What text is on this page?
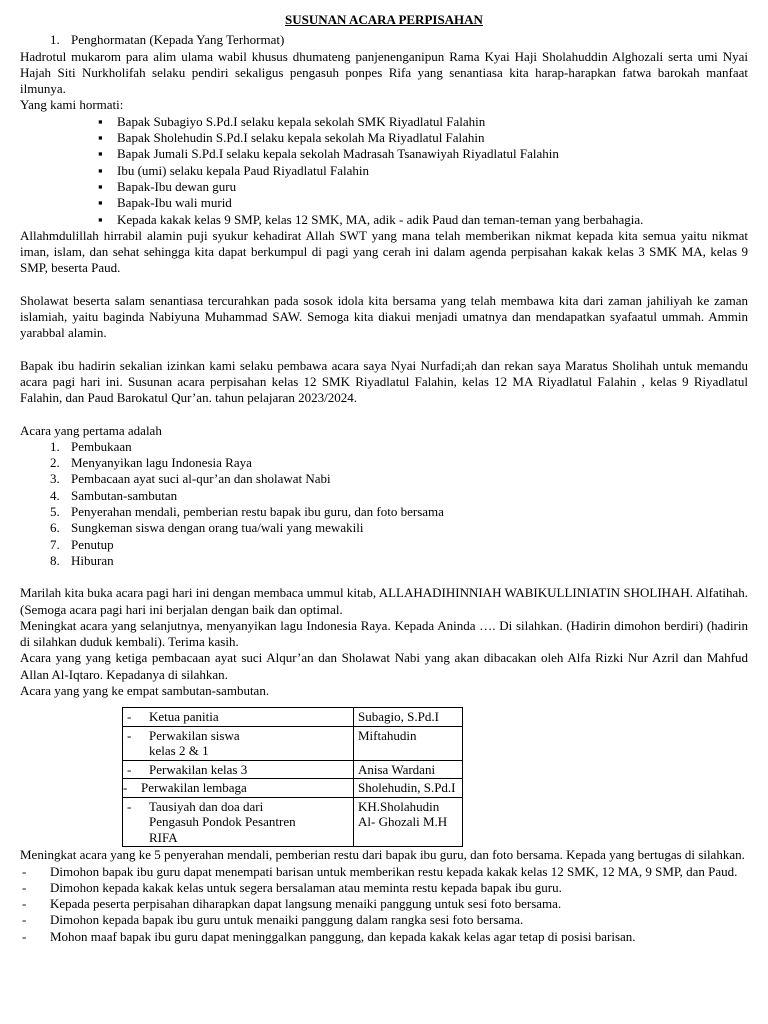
SUSUNAN ACARA PERPISAHAN
1. Penghormatan (Kepada Yang Terhormat)

Hadrotul mukarom para alim ulama wabil khusus dhumateng panjenenganipun Rama Kyai Haji Sholahuddin Alghozali serta umi Nyai Hajah Siti Nurkholifah selaku pendiri sekaligus pengasuh ponpes Rifa yang senantiasa kita harap-harapkan fatwa barokah manfaat ilmunya.

Yang kami hormati:

▪ Bapak Subagiyo S.Pd.I selaku kepala sekolah SMK Riyadlatul Falahin
▪ Bapak Sholehudin S.Pd.I selaku kepala sekolah Ma Riyadlatul Falahin
▪ Bapak Jumali S.Pd.I selaku kepala sekolah Madrasah Tsanawiyah Riyadlatul Falahin
▪ Ibu (umi) selaku kepala Paud Riyadlatul Falahin
▪ Bapak-Ibu dewan guru
▪ Bapak-Ibu wali murid
▪ Kepada kakak kelas 9 SMP, kelas 12 SMK, MA, adik - adik Paud dan teman-teman yang berbahagia.

Allahmdulillah hirrabil alamin puji syukur kehadirat Allah SWT yang mana telah memberikan nikmat kepada kita semua yaitu nikmat iman, islam, dan sehat sehingga kita dapat berkumpul di pagi yang cerah ini dalam agenda perpisahan kakak kelas 3 SMK MA, kelas 9 SMP, beserta Paud.

Sholawat beserta salam senantiasa tercurahkan pada sosok idola kita bersama yang telah membawa kita dari zaman jahiliyah ke zaman islamiah, yaitu baginda Nabiyuna Muhammad SAW. Semoga kita diakui menjadi umatnya dan mendapatkan syafaatul ummah. Ammin yarabbal alamin.

Bapak ibu hadirin sekalian izinkan kami selaku pembawa acara saya Nyai Nurfadi;ah dan rekan saya Maratus Sholihah untuk memandu acara pagi hari ini. Susunan acara perpisahan kelas 12 SMK Riyadlatul Falahin, kelas 12 MA Riyadlatul Falahin , kelas 9 Riyadlatul Falahin, dan Paud Barokatul Qur’an. tahun pelajaran 2023/2024.

Acara yang pertama adalah

1. Pembukaan
2. Menyanyikan lagu Indonesia Raya
3. Pembacaan ayat suci al-qur’an dan sholawat Nabi
4. Sambutan-sambutan
5. Penyerahan mendali, pemberian restu bapak ibu guru, dan foto bersama
6. Sungkeman siswa dengan orang tua/wali yang mewakili
7. Penutup
8. Hiburan

Marilah kita buka acara pagi hari ini dengan membaca ummul kitab, ALLAHADIHINNIAH WABIKULLINIATIN SHOLIHAH. Alfatihah. (Semoga acara pagi hari ini berjalan dengan baik dan optimal.

Meningkat acara yang selanjutnya, menyanyikan lagu Indonesia Raya. Kepada Aninda …. Di silahkan. (Hadirin dimohon berdiri) (hadirin di silahkan duduk kembali). Terima kasih.

Acara yang yang ketiga pembacaan ayat suci Alqur’an dan Sholawat Nabi yang akan dibacakan oleh Alfa Rizki Nur Azril dan Mahfud Allan Al-Iqtaro. Kepadanya di silahkan.

Acara yang yang ke empat sambutan-sambutan.

- Ketua panitia	Subagio, S.Pd.I
- Perwakilan siswa
kelas 2 & 1	Miftahudin
- Perwakilan kelas 3	Anisa Wardani
- Perwakilan lembaga	Sholehudin, S.Pd.I
- Tausiyah dan doa dari
Pengasuh Pondok Pesantren
RIFA	KH.Sholahudin
Al- Ghozali M.H

Meningkat acara yang ke 5 penyerahan mendali, pemberian restu dari bapak ibu guru, dan foto bersama. Kepada yang bertugas di silahkan.

- Dimohon bapak ibu guru dapat menempati barisan untuk memberikan restu kepada kakak kelas 12 SMK, 12 MA, 9 SMP, dan Paud.
- Dimohon kepada kakak kelas untuk segera bersalaman atau meminta restu kepada bapak ibu guru.
- Kepada peserta perpisahan diharapkan dapat langsung menaiki panggung untuk sesi foto bersama.
- Dimohon kepada bapak ibu guru untuk menaiki panggung dalam rangka sesi foto bersama.
- Mohon maaf bapak ibu guru dapat meninggalkan panggung, dan kepada kakak kelas agar tetap di posisi barisan.
